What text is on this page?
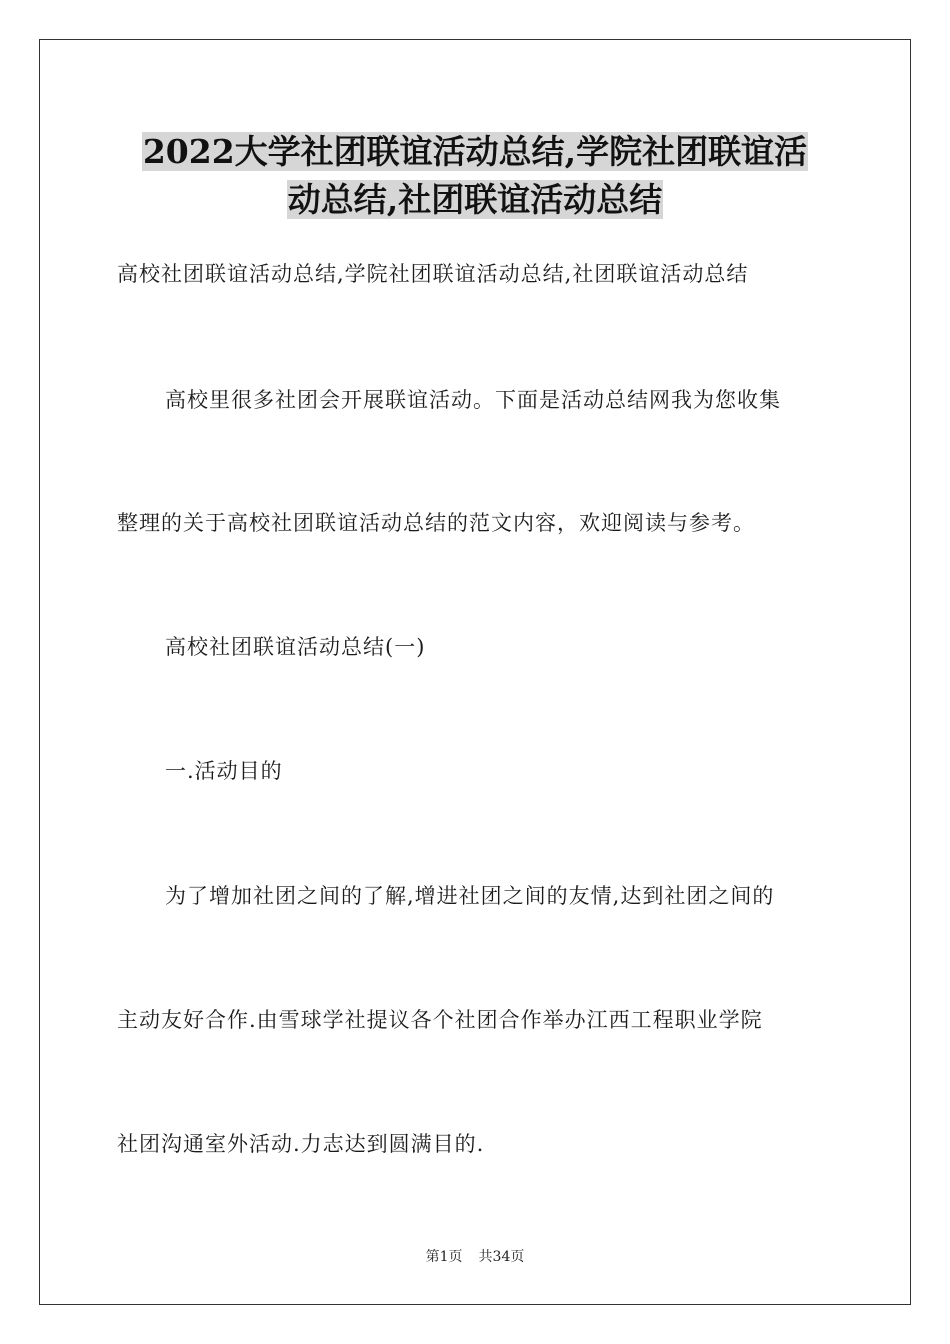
2022大学社团联谊活动总结,学院社团联谊活
动总结,社团联谊活动总结
高校社团联谊活动总结,学院社团联谊活动总结,社团联谊活动总结
高校里很多社团会开展联谊活动。下面是活动总结网我为您收集
整理的关于高校社团联谊活动总结的范文内容，欢迎阅读与参考。
高校社团联谊活动总结(一)
一.活动目的
为了增加社团之间的了解,增进社团之间的友情,达到社团之间的
主动友好合作.由雪球学社提议各个社团合作举办江西工程职业学院
社团沟通室外活动.力志达到圆满目的.
第1页 共34页
